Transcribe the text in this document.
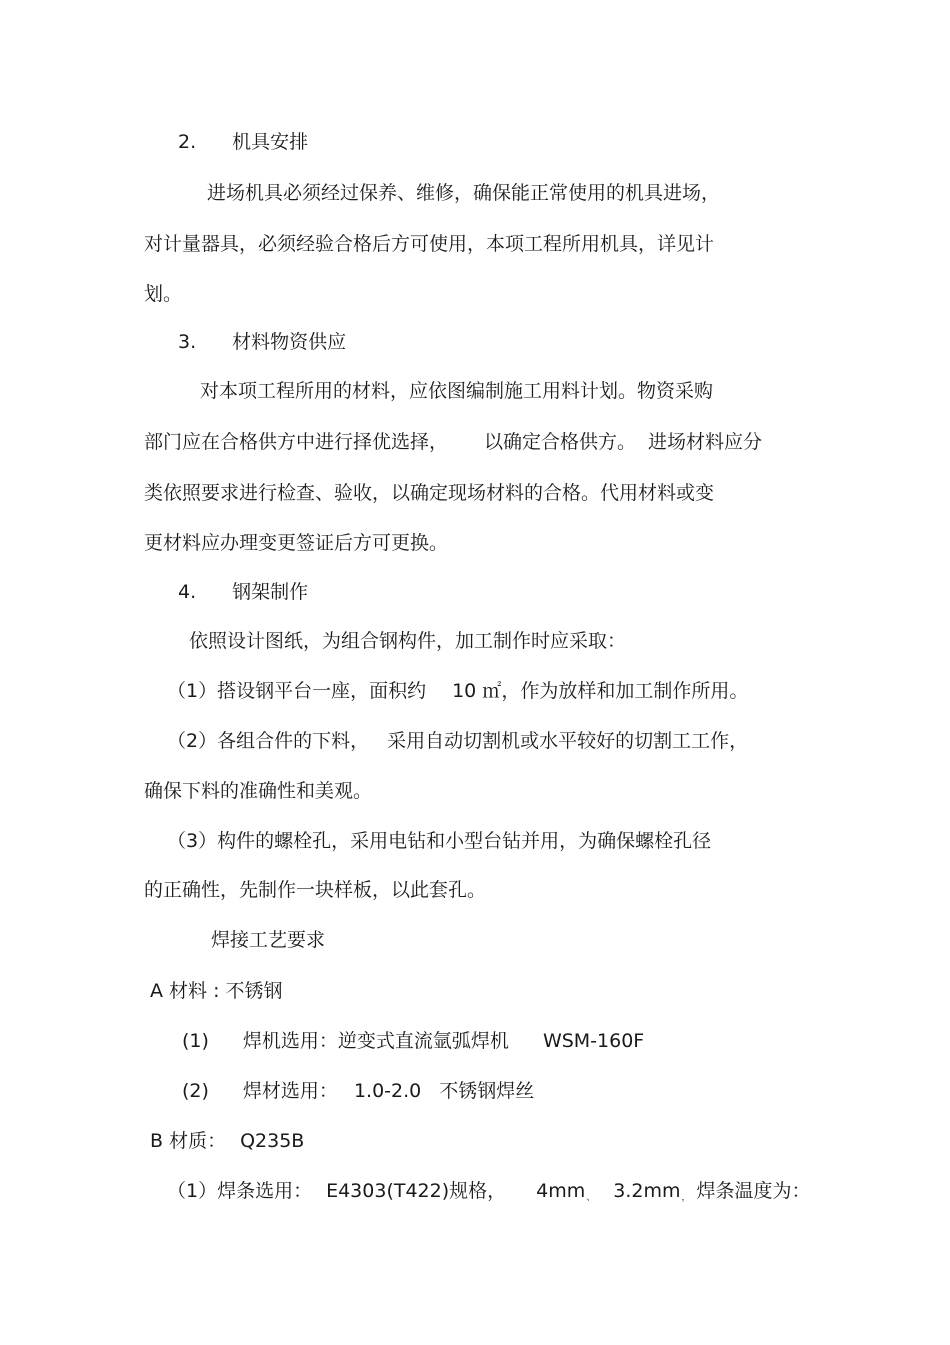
2. 机具安排
进场机具必须经过保养、维修，确保能正常使用的机具进场，
对计量器具，必须经验合格后方可使用，本项工程所用机具，详见计
划。
3. 材料物资供应
对本项工程所用的材料，应依图编制施工用料计划。物资采购
部门应在合格供方中进行择优选择， 以确定合格供方。 进场材料应分
类依照要求进行检查、验收，以确定现场材料的合格。代用材料或变
更材料应办理变更签证后方可更换。
4. 钢架制作
依照设计图纸，为组合钢构件，加工制作时应采取：
（1）搭设钢平台一座，面积约 10 ㎡，作为放样和加工制作所用。
（2）各组合件的下料， 采用自动切割机或水平较好的切割工工作，
确保下料的准确性和美观。
（3）构件的螺栓孔，采用电钻和小型台钻并用，为确保螺栓孔径
的正确性，先制作一块样板，以此套孔。
焊接工艺要求
A 材料 : 不锈钢
(1) 焊机选用：逆变式直流氩弧焊机 WSM-160F
(2) 焊材选用： 1.0-2.0 不锈钢焊丝
B 材质： Q235B
（1）焊条选用： E4303(T422)规格， 4mm、 3.2mm， 焊条温度为：
